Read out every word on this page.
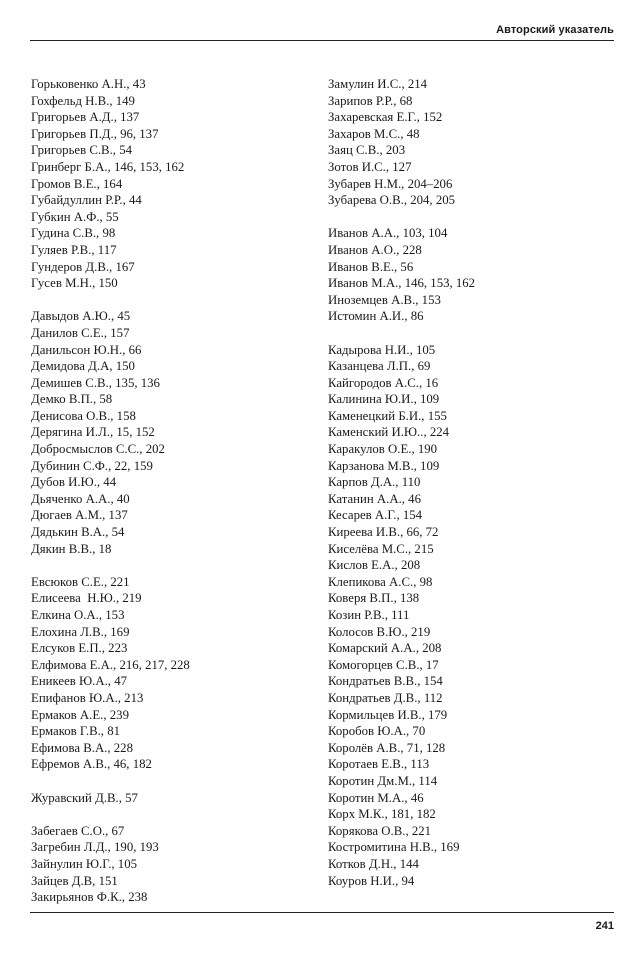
Авторский указатель
Горьковенко А.Н., 43
Гохфельд Н.В., 149
Григорьев А.Д., 137
Григорьев П.Д., 96, 137
Григорьев С.В., 54
Гринберг Б.А., 146, 153, 162
Громов В.Е., 164
Губайдуллин Р.Р., 44
Губкин А.Ф., 55
Гудина С.В., 98
Гуляев Р.В., 117
Гундеров Д.В., 167
Гусев М.Н., 150
Давыдов А.Ю., 45
Данилов С.Е., 157
Данильсон Ю.Н., 66
Демидова Д.А, 150
Демишев С.В., 135, 136
Демко В.П., 58
Денисова О.В., 158
Дерягина И.Л., 15, 152
Добросмыслов С.С., 202
Дубинин С.Ф., 22, 159
Дубов И.Ю., 44
Дьяченко А.А., 40
Дюгаев А.М., 137
Дядькин В.А., 54
Дякин В.В., 18
Евсюков С.Е., 221
Елисеева  Н.Ю., 219
Елкина О.А., 153
Елохина Л.В., 169
Елсуков Е.П., 223
Елфимова Е.А., 216, 217, 228
Еникеев Ю.А., 47
Епифанов Ю.А., 213
Ермаков А.Е., 239
Ермаков Г.В., 81
Ефимова В.А., 228
Ефремов А.В., 46, 182
Журавский Д.В., 57
Забегаев С.О., 67
Загребин Л.Д., 190, 193
Зайнулин Ю.Г., 105
Зайцев Д.В, 151
Закирьянов Ф.К., 238
Замулин И.С., 214
Зарипов Р.Р., 68
Захаревская Е.Г., 152
Захаров М.С., 48
Заяц С.В., 203
Зотов И.С., 127
Зубарев Н.М., 204–206
Зубарева О.В., 204, 205
Иванов А.А., 103, 104
Иванов А.О., 228
Иванов В.Е., 56
Иванов М.А., 146, 153, 162
Иноземцев А.В., 153
Истомин А.И., 86
Кадырова Н.И., 105
Казанцева Л.П., 69
Кайгородов А.С., 16
Калинина Ю.И., 109
Каменецкий Б.И., 155
Каменский И.Ю.., 224
Каракулов О.Е., 190
Карзанова М.В., 109
Карпов Д.А., 110
Катанин А.А., 46
Кесарев А.Г., 154
Киреева И.В., 66, 72
Киселёва М.С., 215
Кислов Е.А., 208
Клепикова А.С., 98
Коверя В.П., 138
Козин Р.В., 111
Колосов В.Ю., 219
Комарский А.А., 208
Комогорцев С.В., 17
Кондратьев В.В., 154
Кондратьев Д.В., 112
Кормильцев И.В., 179
Коробов Ю.А., 70
Королёв А.В., 71, 128
Коротаев Е.В., 113
Коротин Дм.М., 114
Коротин М.А., 46
Корх М.К., 181, 182
Корякова О.В., 221
Костромитина Н.В., 169
Котков Д.Н., 144
Коуров Н.И., 94
241
